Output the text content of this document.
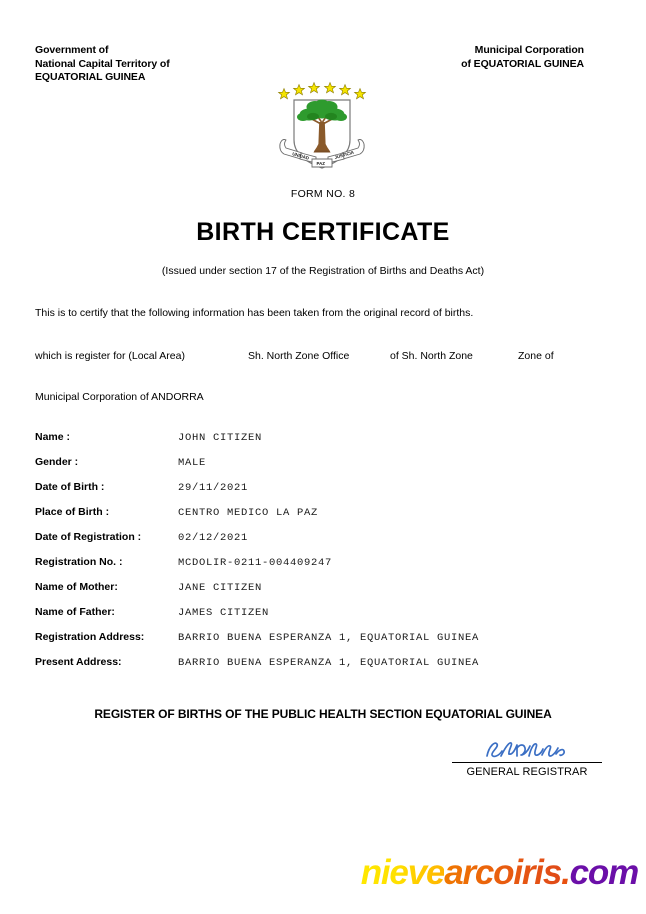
Government of
National Capital Territory of
EQUATORIAL GUINEA
Municipal Corporation
of EQUATORIAL GUINEA
UNIDAD	JUSTICIA
PAZ
FORM NO. 8
BIRTH CERTIFICATE
(Issued under section 17 of the Registration of Births and Deaths Act)
This is to certify that the following information has been taken from the original record of births.
which is register for (Local Area)	Sh. North Zone Office	of Sh. North Zone	Zone of
Municipal Corporation of ANDORRA
Name :	JOHN CITIZEN
Gender :	MALE
Date of Birth :	29/11/2021
Place of Birth :	CENTRO MEDICO LA PAZ
Date of Registration :	02/12/2021
Registration No. :	MCDOLIR-0211-004409247
Name of Mother:	JANE CITIZEN
Name of Father:	JAMES CITIZEN
Registration Address:	BARRIO BUENA ESPERANZA 1, EQUATORIAL GUINEA
Present Address:	BARRIO BUENA ESPERANZA 1, EQUATORIAL GUINEA
REGISTER OF BIRTHS OF THE PUBLIC HEALTH SECTION EQUATORIAL GUINEA
GENERAL REGISTRAR
nievearcoiris.com
